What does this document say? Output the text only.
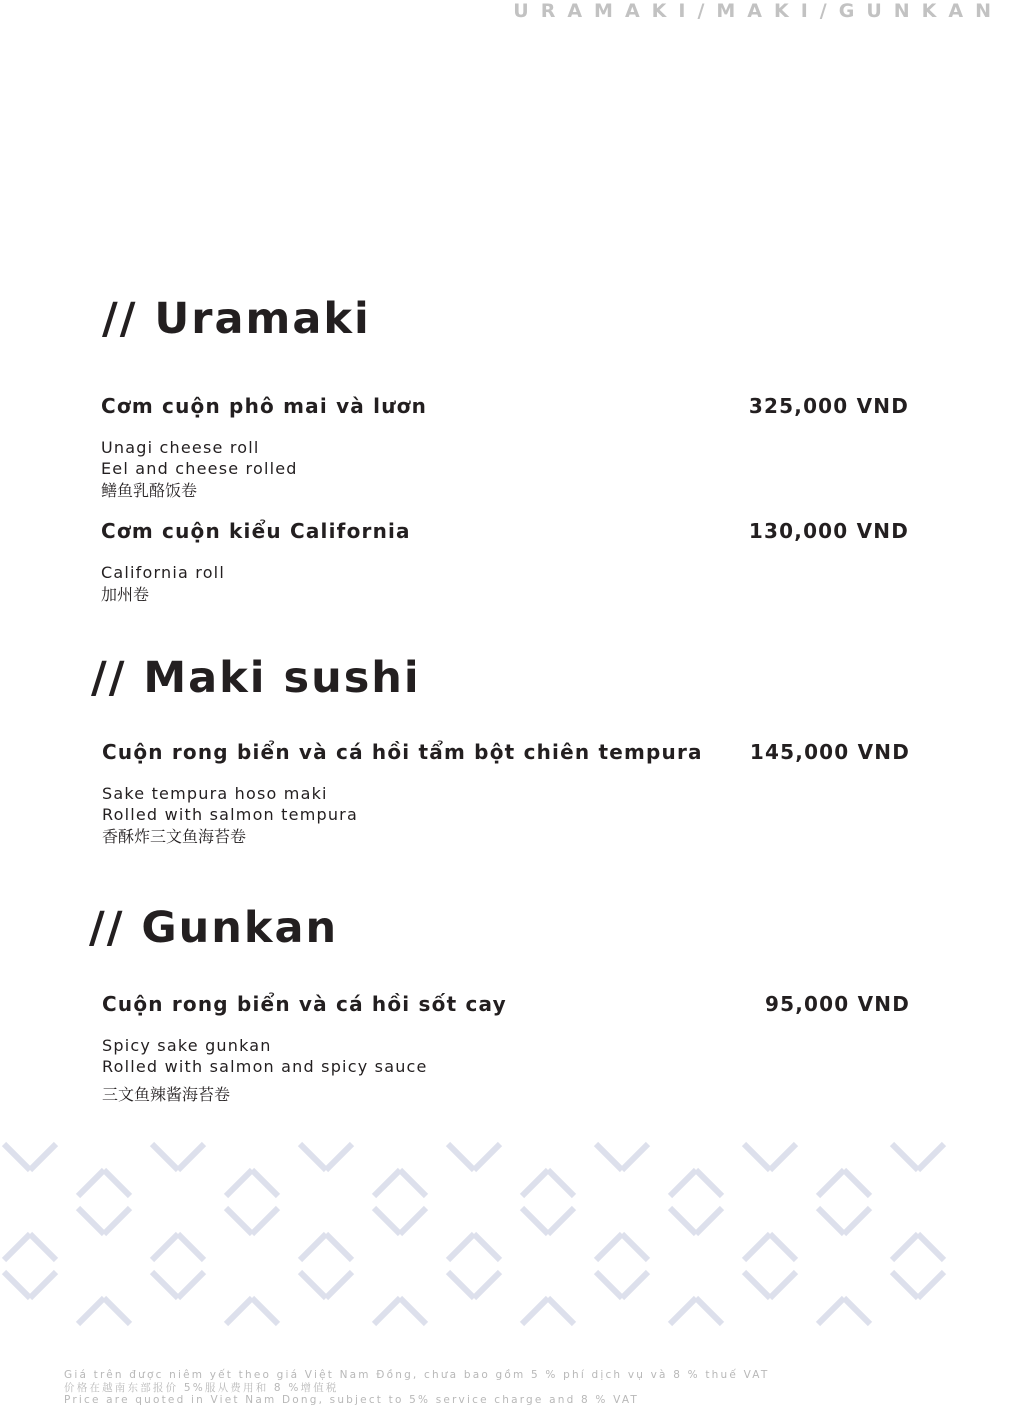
URAMAKI/MAKI/GUNKAN
// Uramaki
Cơm cuộn phô mai và lươn	325,000 VND
Unagi cheese roll
Eel and cheese rolled
鳝鱼乳酪饭卷
Cơm cuộn kiểu California	130,000 VND
California roll
加州卷
// Maki sushi
Cuộn rong biển và cá hồi tẩm bột chiên tempura 145,000 VND
Sake tempura hoso maki
Rolled with salmon tempura
香酥炸三文鱼海苔卷
// Gunkan
Cuộn rong biển và cá hồi sốt cay	95,000 VND
Spicy sake gunkan
Rolled with salmon and spicy sauce
三文鱼辣酱海苔卷
Giá trên được niêm yết theo giá Việt Nam Đồng, chưa bao gồm 5 % phí dịch vụ và 8 % thuế VAT
价格在越南东部报价 5%服从费用和 8 %增值税
Price are quoted in Viet Nam Dong, subject to 5% service charge and 8 % VAT
